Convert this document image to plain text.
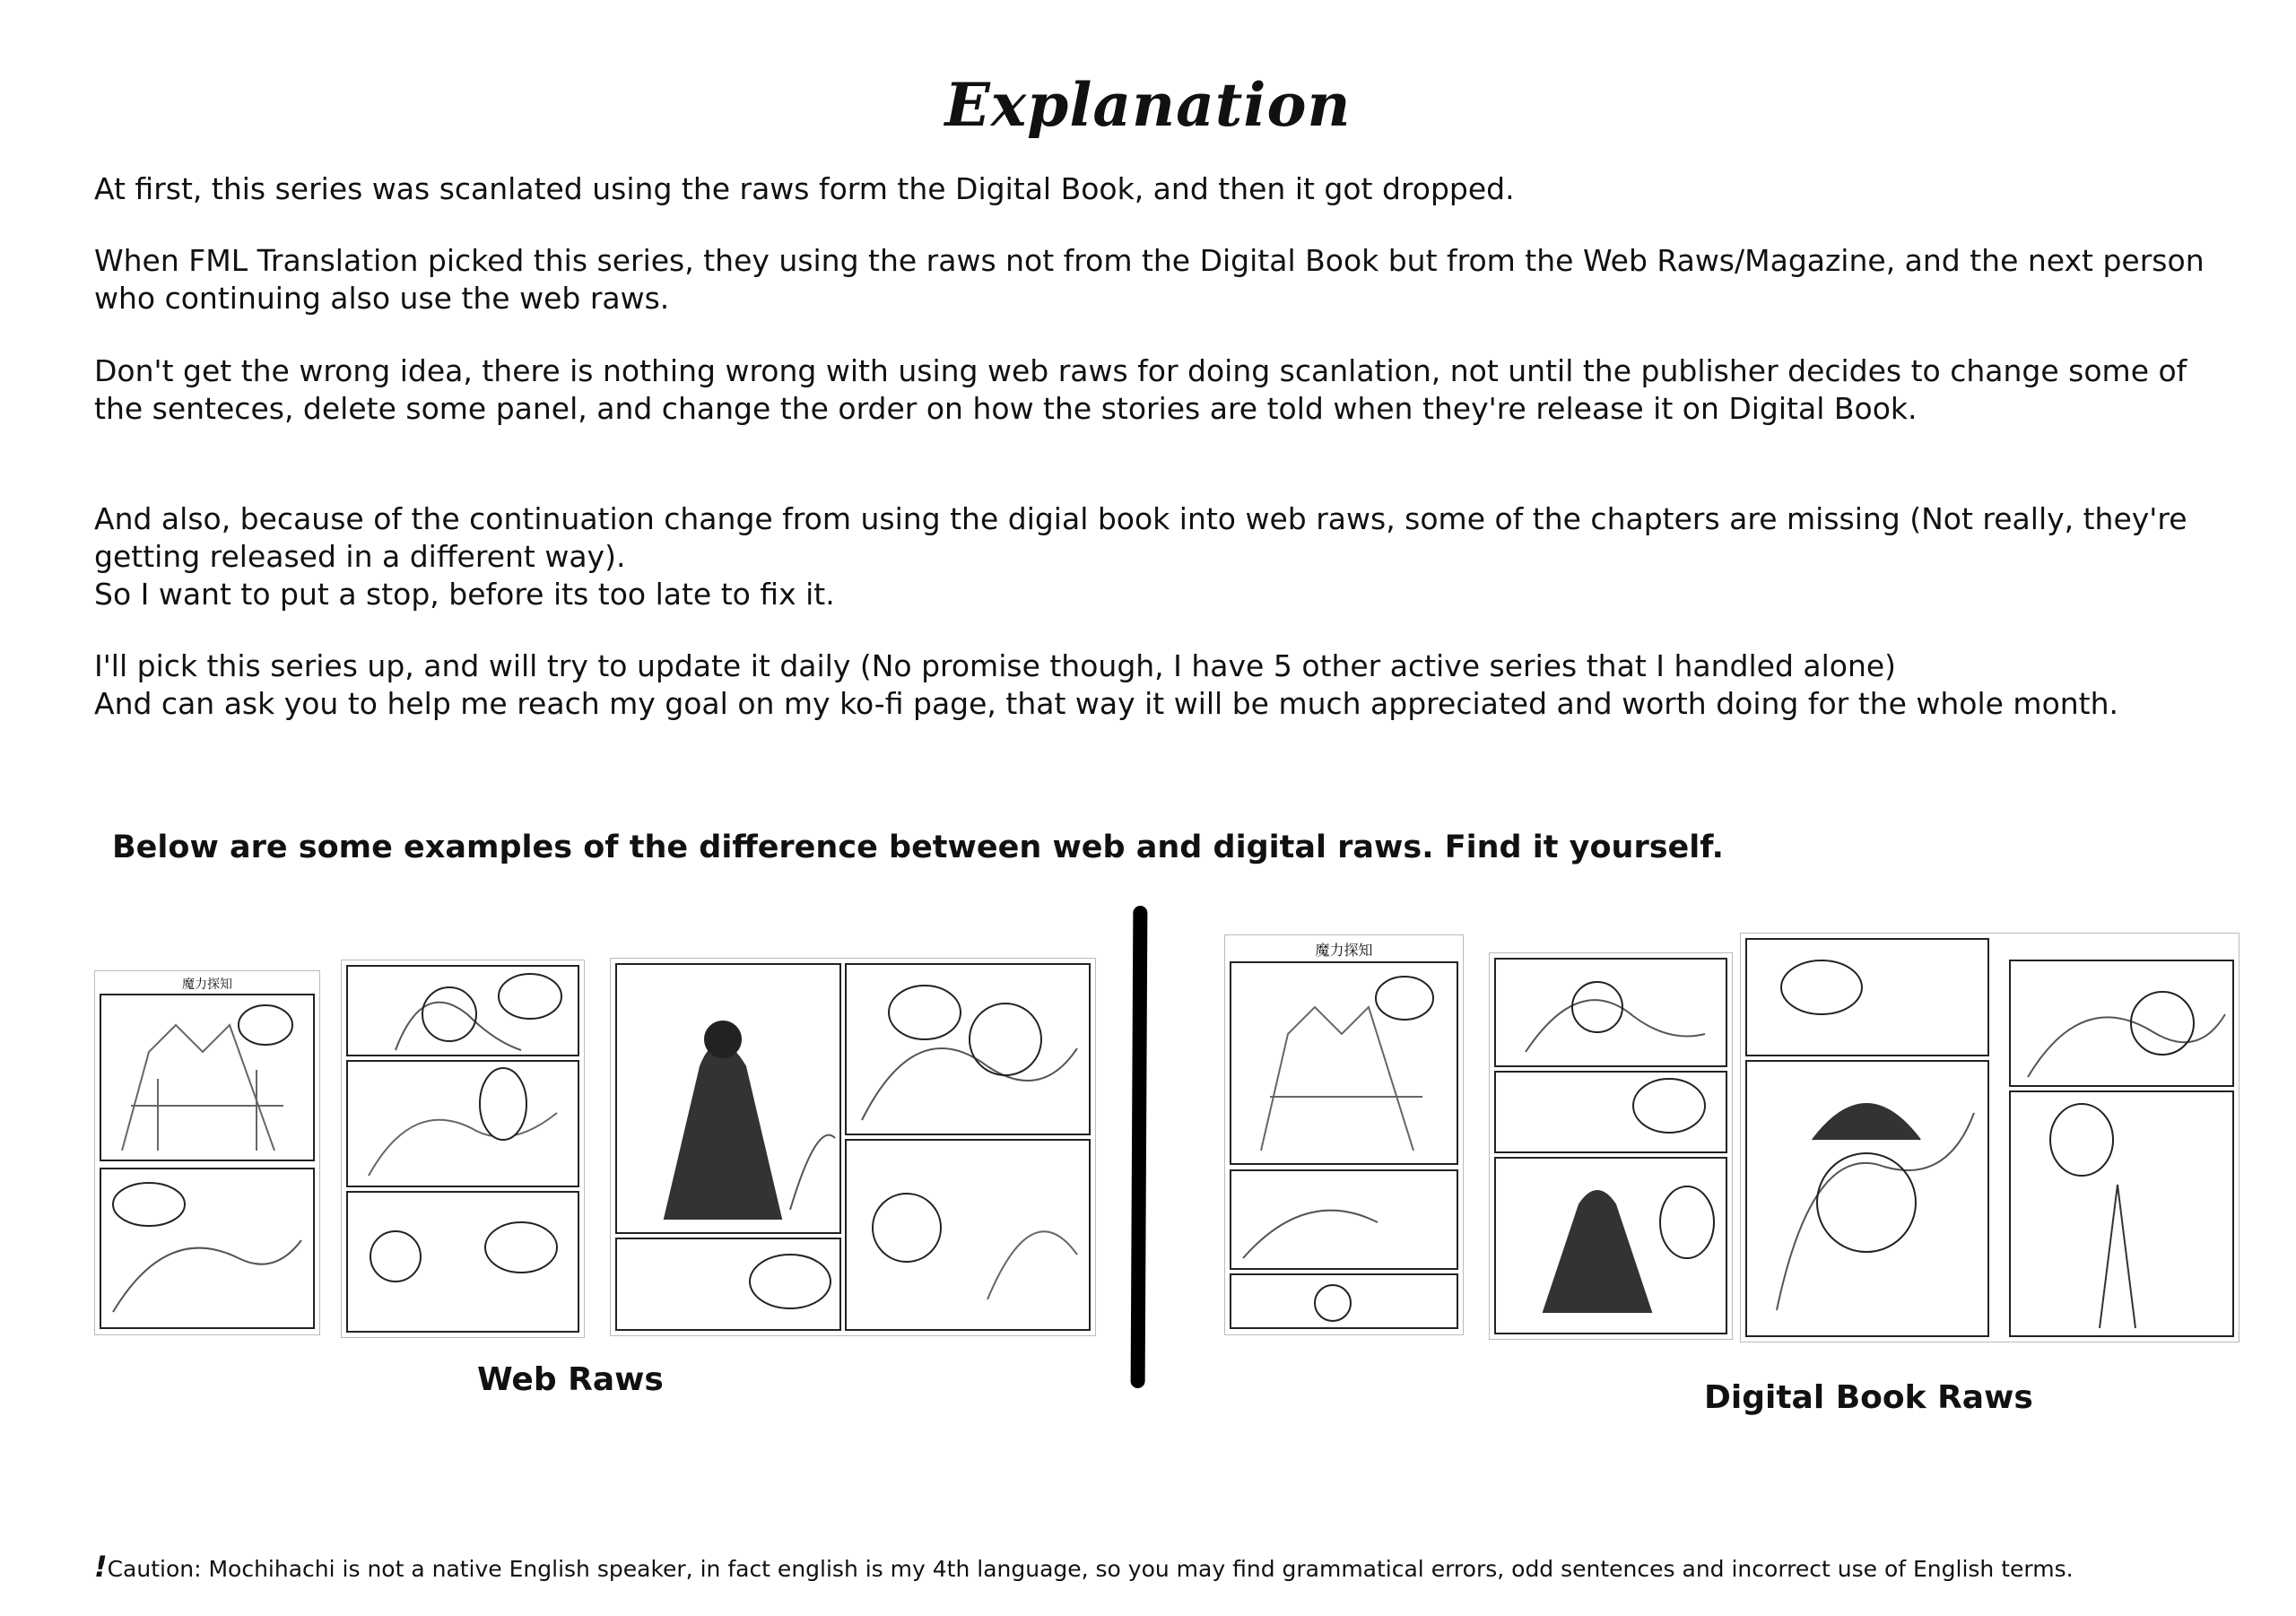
Explanation
At first, this series was scanlated using the raws form the Digital Book, and then it got dropped.
When FML Translation picked this series, they using the raws not from the Digital Book but from the Web Raws/Magazine, and the next person who continuing also use the web raws.
Don't get the wrong idea, there is nothing wrong with using web raws for doing scanlation, not until the publisher decides to change some of the senteces, delete some panel, and change the order on how the stories are told when they're release it on Digital Book.
And also, because of the continuation change from using the digial book into web raws, some of the chapters are missing (Not really, they're getting released in a different way).
So I want to put a stop, before its too late to fix it.
I'll pick this series up, and will try to update it daily (No promise though, I have 5 other active series that I handled alone)
And can ask you to help me reach my goal on my ko-fi page, that way it will be much appreciated and worth doing for the whole month.
Below are some examples of the difference between web and digital raws. Find it yourself.
魔力探知
Web Raws
魔力探知
Digital Book Raws
!Caution: Mochihachi is not a native English speaker, in fact english is my 4th language, so you may find grammatical errors, odd sentences and incorrect use of English terms.
